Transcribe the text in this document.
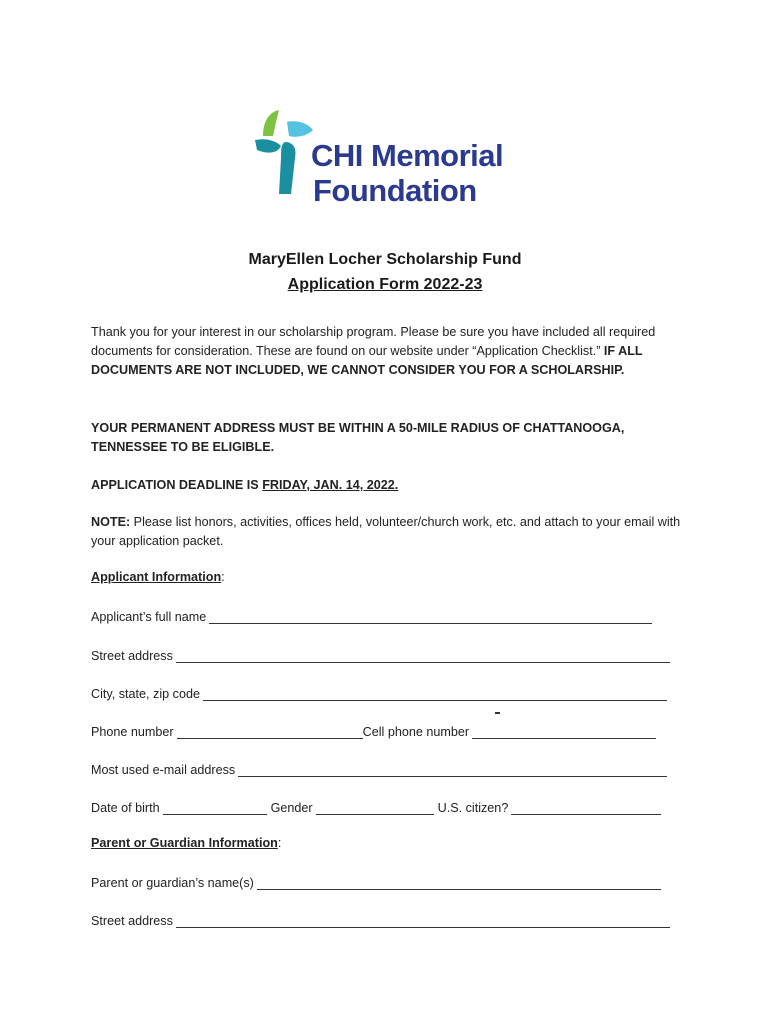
CHI Memorial
Foundation
MaryEllen Locher Scholarship Fund
Application Form 2022-23
Thank you for your interest in our scholarship program. Please be sure you have included all required documents for consideration. These are found on our website under “Application Checklist.” IF ALL DOCUMENTS ARE NOT INCLUDED, WE CANNOT CONSIDER YOU FOR A SCHOLARSHIP.
YOUR PERMANENT ADDRESS MUST BE WITHIN A 50-MILE RADIUS OF CHATTANOOGA, TENNESSEE TO BE ELIGIBLE.
APPLICATION DEADLINE IS FRIDAY, JAN. 14, 2022.
NOTE: Please list honors, activities, offices held, volunteer/church work, etc. and attach to your email with your application packet.
Applicant Information:
Applicant’s full name
Street address
City, state, zip code
Phone number	Cell phone number
Most used e-mail address
Date of birth	Gender	U.S. citizen?
Parent or Guardian Information:
Parent or guardian’s name(s)
Street address
